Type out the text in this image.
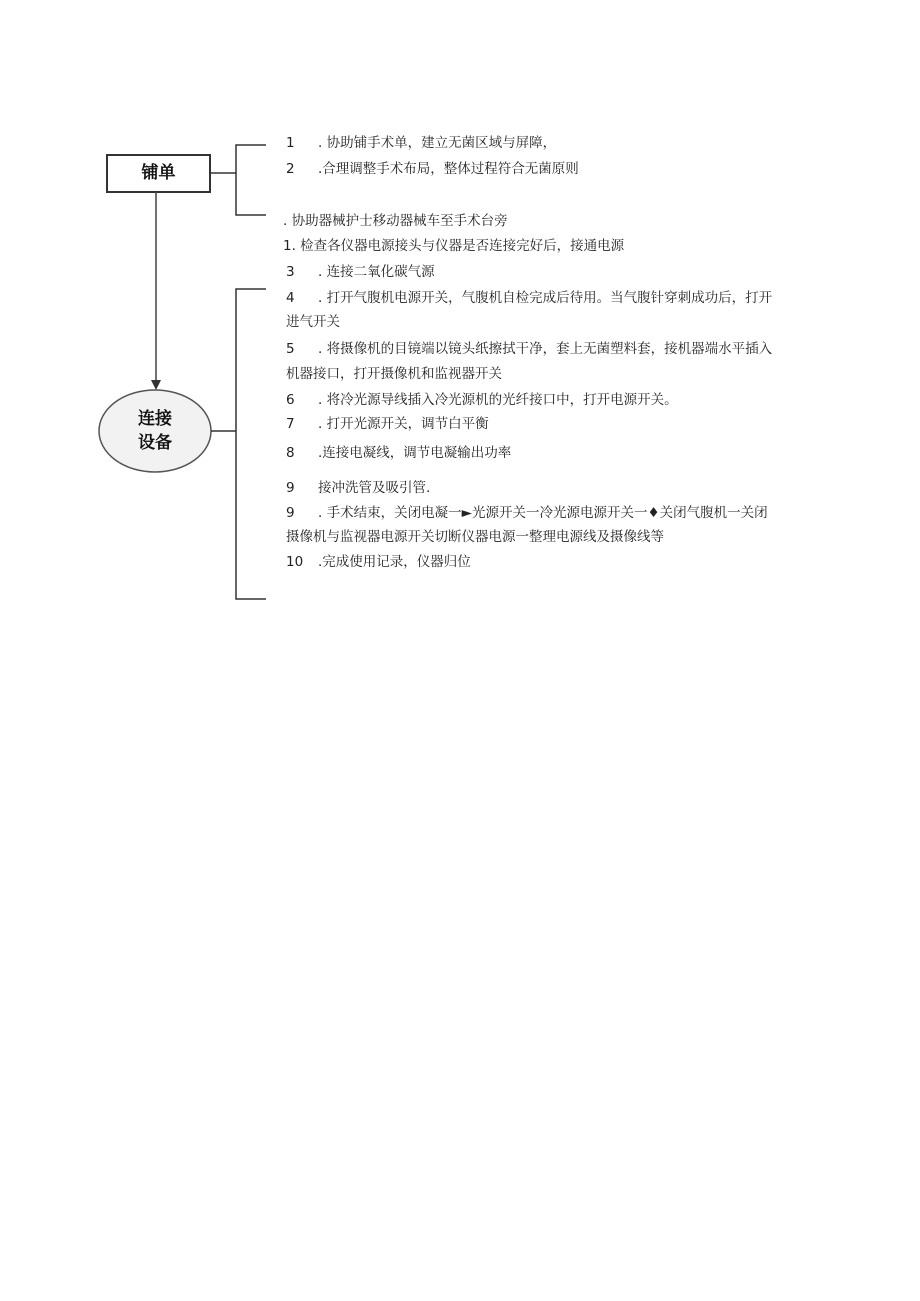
铺单
连接
设备
1 . 协助铺手术单，建立无菌区域与屏障，
2 .合理调整手术布局，整体过程符合无菌原则
. 协助器械护士移动器械车至手术台旁
1. 检查各仪器电源接头与仪器是否连接完好后，接通电源
3 . 连接二氧化碳气源
4 . 打开气腹机电源开关，气腹机自检完成后待用。当气腹针穿刺成功后，打开
进气开关
5 . 将摄像机的目镜端以镜头纸擦拭干净，套上无菌塑料套，接机器端水平插入
机器接口，打开摄像机和监视器开关
6 . 将冷光源导线插入冷光源机的光纤接口中，打开电源开关。
7 . 打开光源开关，调节白平衡
8 .连接电凝线，调节电凝输出功率
9 接冲洗管及吸引管.
9 . 手术结束，关闭电凝一►光源开关一冷光源电源开关一♦关闭气腹机一关闭
摄像机与监视器电源开关切断仪器电源一整理电源线及摄像线等
10 .完成使用记录，仪器归位
